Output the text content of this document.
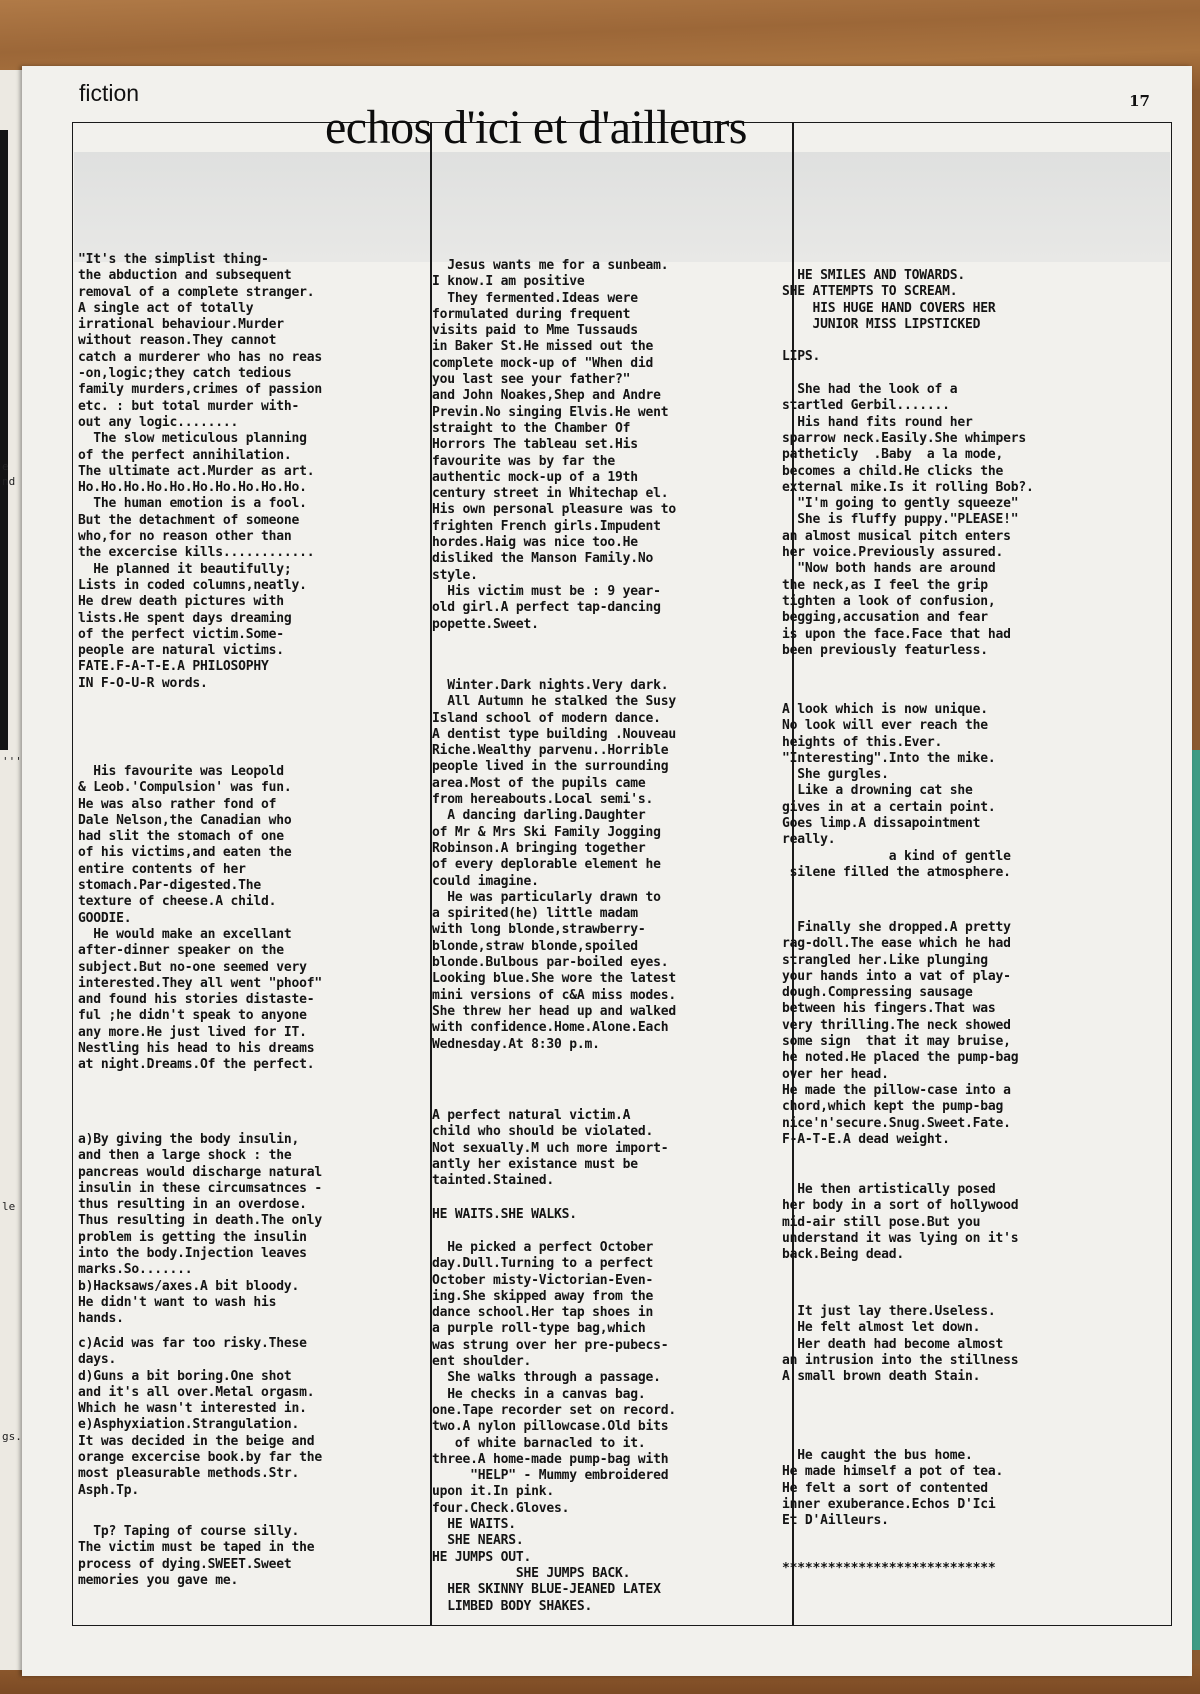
e
nd
'''
le
gs.
17
fiction
echos d'ici et d'ailleurs
"It's the simplist thing-
the abduction and subsequent
removal of a complete stranger.
A single act of totally
irrational behaviour.Murder
without reason.They cannot
catch a murderer who has no reas
-on,logic;they catch tedious
family murders,crimes of passion
etc. : but total murder with-
out any logic........
The slow meticulous planning
of the perfect annihilation.
The ultimate act.Murder as art.
Ho.Ho.Ho.Ho.Ho.Ho.Ho.Ho.Ho.Ho.
The human emotion is a fool.
But the detachment of someone
who,for no reason other than
the excercise kills............
He planned it beautifully;
Lists in coded columns,neatly.
He drew death pictures with
lists.He spent days dreaming
of the perfect victim.Some-
people are natural victims.
FATE.F-A-T-E.A PHILOSOPHY
IN F-O-U-R words.
His favourite was Leopold
& Leob.'Compulsion' was fun.
He was also rather fond of
Dale Nelson,the Canadian who
had slit the stomach of one
of his victims,and eaten the
entire contents of her
stomach.Par-digested.The
texture of cheese.A child.
GOODIE.
He would make an excellant
after-dinner speaker on the
subject.But no-one seemed very
interested.They all went "phoof"
and found his stories distaste-
ful ;he didn't speak to anyone
any more.He just lived for IT.
Nestling his head to his dreams
at night.Dreams.Of the perfect.
a)By giving the body insulin,
and then a large shock : the
pancreas would discharge natural
insulin in these circumsatnces -
thus resulting in an overdose.
Thus resulting in death.The only
problem is getting the insulin
into the body.Injection leaves
marks.So.......
b)Hacksaws/axes.A bit bloody.
He didn't want to wash his
hands.
c)Acid was far too risky.These
days.
d)Guns a bit boring.One shot
and it's all over.Metal orgasm.
Which he wasn't interested in.
e)Asphyxiation.Strangulation.
It was decided in the beige and
orange excercise book.by far the
most pleasurable methods.Str.
Asph.Tp.
Tp? Taping of course silly.
The victim must be taped in the
process of dying.SWEET.Sweet
memories you gave me.
Jesus wants me for a sunbeam.
I know.I am positive
They fermented.Ideas were
formulated during frequent
visits paid to Mme Tussauds
in Baker St.He missed out the
complete mock-up of "When did
you last see your father?"
and John Noakes,Shep and Andre
Previn.No singing Elvis.He went
straight to the Chamber Of
Horrors The tableau set.His
favourite was by far the
authentic mock-up of a 19th
century street in Whitechap el.
His own personal pleasure was to
frighten French girls.Impudent
hordes.Haig was nice too.He
disliked the Manson Family.No
style.
His victim must be : 9 year-
old girl.A perfect tap-dancing
popette.Sweet.
Winter.Dark nights.Very dark.
All Autumn he stalked the Susy
Island school of modern dance.
A dentist type building .Nouveau
Riche.Wealthy parvenu..Horrible
people lived in the surrounding
area.Most of the pupils came
from hereabouts.Local semi's.
A dancing darling.Daughter
of Mr & Mrs Ski Family Jogging
Robinson.A bringing together
of every deplorable element he
could imagine.
He was particularly drawn to
a spirited(he) little madam
with long blonde,strawberry-
blonde,straw blonde,spoiled
blonde.Bulbous par-boiled eyes.
Looking blue.She wore the latest
mini versions of c&A miss modes.
She threw her head up and walked
with confidence.Home.Alone.Each
Wednesday.At 8:30 p.m.
A perfect natural victim.A
child who should be violated.
Not sexually.M uch more import-
antly her existance must be
tainted.Stained.
HE WAITS.SHE WALKS.
He picked a perfect October
day.Dull.Turning to a perfect
October misty-Victorian-Even-
ing.She skipped away from the
dance school.Her tap shoes in
a purple roll-type bag,which
was strung over her pre-pubecs-
ent shoulder.
She walks through a passage.
He checks in a canvas bag.
one.Tape recorder set on record.
two.A nylon pillowcase.Old bits
of white barnacled to it.
three.A home-made pump-bag with
"HELP" - Mummy embroidered
upon it.In pink.
four.Check.Gloves.
HE WAITS.
SHE NEARS.
HE JUMPS OUT.
SHE JUMPS BACK.
HER SKINNY BLUE-JEANED LATEX
LIMBED BODY SHAKES.
HE SMILES AND TOWARDS.
SHE ATTEMPTS TO SCREAM.
HIS HUGE HAND COVERS HER
JUNIOR MISS LIPSTICKED

LIPS.

She had the look of a
startled Gerbil.......
His hand fits round her
sparrow neck.Easily.She whimpers
patheticly  .Baby  a la mode,
becomes a child.He clicks the
external mike.Is it rolling Bob?.
"I'm going to gently squeeze"
She is fluffy puppy."PLEASE!"
an almost musical pitch enters
her voice.Previously assured.
"Now both hands are around
the neck,as I feel the grip
tighten a look of confusion,
begging,accusation and fear
is upon the face.Face that had
been previously featurless.
A look which is now unique.
No look will ever reach the
heights of this.Ever.
"Interesting".Into the mike.
She gurgles.
Like a drowning cat she
gives in at a certain point.
Goes limp.A dissapointment
really.
a kind of gentle
silene filled the atmosphere.
Finally she dropped.A pretty
rag-doll.The ease which he had
strangled her.Like plunging
your hands into a vat of play-
dough.Compressing sausage
between his fingers.That was
very thrilling.The neck showed
some sign  that it may bruise,
he noted.He placed the pump-bag
over her head.
He made the pillow-case into a
chord,which kept the pump-bag
nice'n'secure.Snug.Sweet.Fate.
F-A-T-E.A dead weight.
He then artistically posed
her body in a sort of hollywood
mid-air still pose.But you
understand it was lying on it's
back.Being dead.
It just lay there.Useless.
He felt almost let down.
Her death had become almost
an intrusion into the stillness
A small brown death Stain.
He caught the bus home.
He made himself a pot of tea.
He felt a sort of contented
inner exuberance.Echos D'Ici
Et D'Ailleurs.
****************************
